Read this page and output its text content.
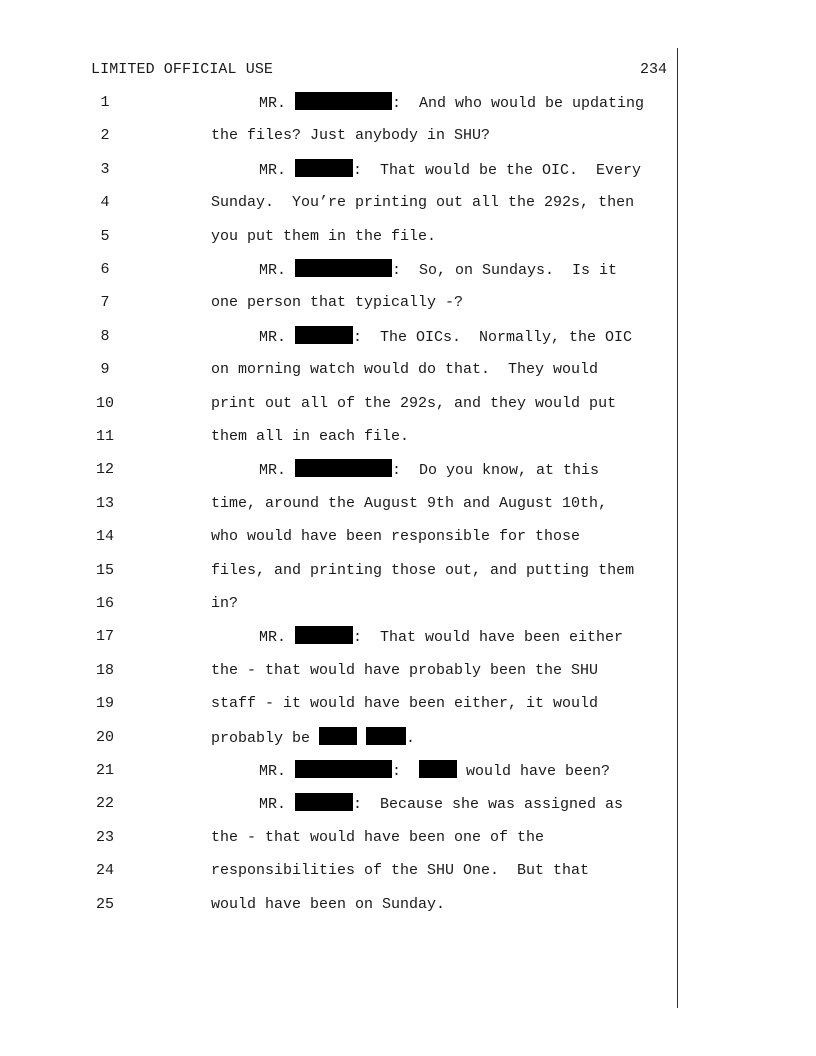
LIMITED OFFICIAL USE	234
1	MR.	:  And who would be updating
2	the files? Just anybody in SHU?
3	MR.	:  That would be the OIC.  Every
4	Sunday.  You’re printing out all the 292s, then
5	you put them in the file.
6	MR.	:  So, on Sundays.  Is it
7	one person that typically -?
8	MR.	:  The OICs.  Normally, the OIC
9	on morning watch would do that.  They would
10	print out all of the 292s, and they would put
11	them all in each file.
12	MR.	:  Do you know, at this
13	time, around the August 9th and August 10th,
14	who would have been responsible for those
15	files, and printing those out, and putting them
16	in?
17	MR.	:  That would have been either
18	the - that would have probably been the SHU
19	staff - it would have been either, it would
20	probably be	.
21	MR.	:	would have been?
22	MR.	:  Because she was assigned as
23	the - that would have been one of the
24	responsibilities of the SHU One.  But that
25	would have been on Sunday.
